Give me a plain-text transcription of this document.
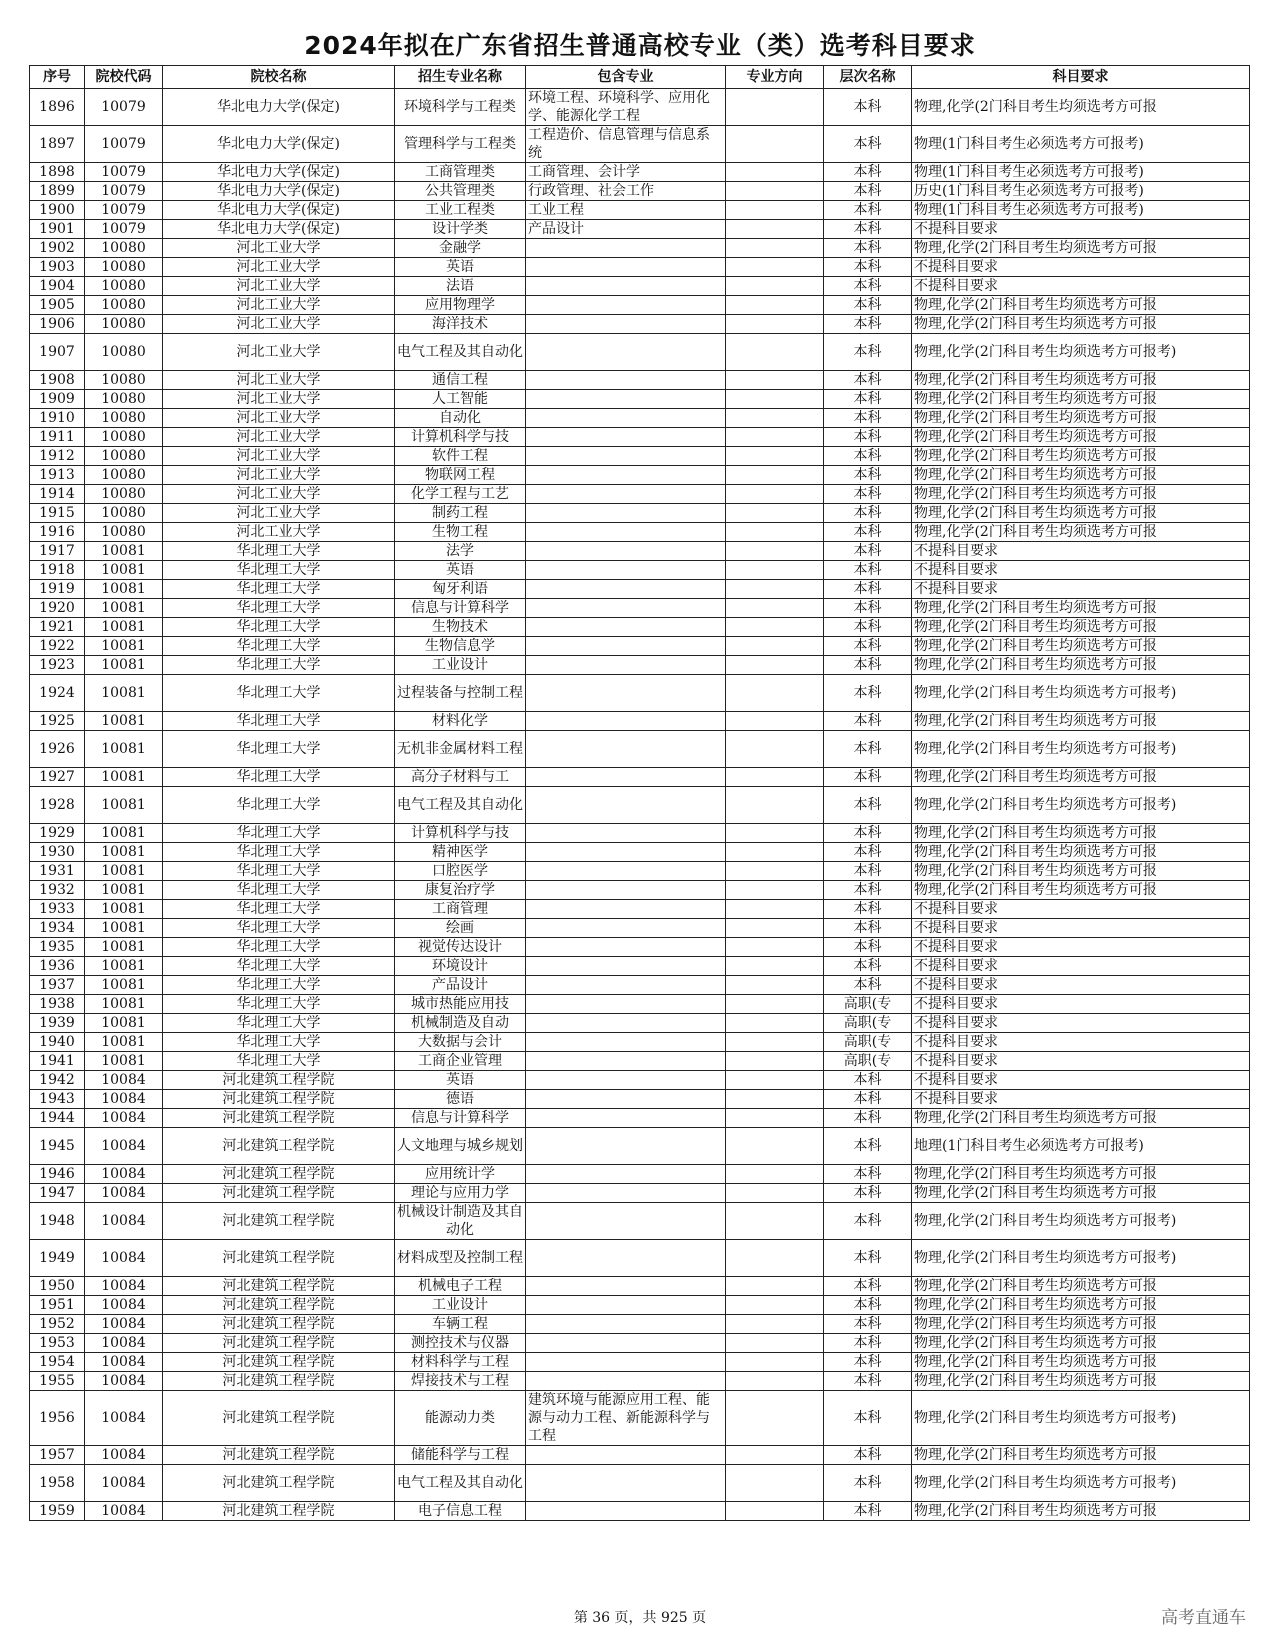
2024年拟在广东省招生普通高校专业（类）选考科目要求
序号	院校代码	院校名称	招生专业名称	包含专业	专业方向	层次名称	科目要求
1896	10079	华北电力大学(保定)	环境科学与工程类	环境工程、环境科学、应用化学、能源化学工程		本科	物理,化学(2门科目考生均须选考方可报
1897	10079	华北电力大学(保定)	管理科学与工程类	工程造价、信息管理与信息系统		本科	物理(1门科目考生必须选考方可报考)
1898	10079	华北电力大学(保定)	工商管理类	工商管理、会计学		本科	物理(1门科目考生必须选考方可报考)
1899	10079	华北电力大学(保定)	公共管理类	行政管理、社会工作		本科	历史(1门科目考生必须选考方可报考)
1900	10079	华北电力大学(保定)	工业工程类	工业工程		本科	物理(1门科目考生必须选考方可报考)
1901	10079	华北电力大学(保定)	设计学类	产品设计		本科	不提科目要求
1902	10080	河北工业大学	金融学			本科	物理,化学(2门科目考生均须选考方可报
1903	10080	河北工业大学	英语			本科	不提科目要求
1904	10080	河北工业大学	法语			本科	不提科目要求
1905	10080	河北工业大学	应用物理学			本科	物理,化学(2门科目考生均须选考方可报
1906	10080	河北工业大学	海洋技术			本科	物理,化学(2门科目考生均须选考方可报
1907	10080	河北工业大学	电气工程及其自动化			本科	物理,化学(2门科目考生均须选考方可报考)
1908	10080	河北工业大学	通信工程			本科	物理,化学(2门科目考生均须选考方可报
1909	10080	河北工业大学	人工智能			本科	物理,化学(2门科目考生均须选考方可报
1910	10080	河北工业大学	自动化			本科	物理,化学(2门科目考生均须选考方可报
1911	10080	河北工业大学	计算机科学与技			本科	物理,化学(2门科目考生均须选考方可报
1912	10080	河北工业大学	软件工程			本科	物理,化学(2门科目考生均须选考方可报
1913	10080	河北工业大学	物联网工程			本科	物理,化学(2门科目考生均须选考方可报
1914	10080	河北工业大学	化学工程与工艺			本科	物理,化学(2门科目考生均须选考方可报
1915	10080	河北工业大学	制药工程			本科	物理,化学(2门科目考生均须选考方可报
1916	10080	河北工业大学	生物工程			本科	物理,化学(2门科目考生均须选考方可报
1917	10081	华北理工大学	法学			本科	不提科目要求
1918	10081	华北理工大学	英语			本科	不提科目要求
1919	10081	华北理工大学	匈牙利语			本科	不提科目要求
1920	10081	华北理工大学	信息与计算科学			本科	物理,化学(2门科目考生均须选考方可报
1921	10081	华北理工大学	生物技术			本科	物理,化学(2门科目考生均须选考方可报
1922	10081	华北理工大学	生物信息学			本科	物理,化学(2门科目考生均须选考方可报
1923	10081	华北理工大学	工业设计			本科	物理,化学(2门科目考生均须选考方可报
1924	10081	华北理工大学	过程装备与控制工程			本科	物理,化学(2门科目考生均须选考方可报考)
1925	10081	华北理工大学	材料化学			本科	物理,化学(2门科目考生均须选考方可报
1926	10081	华北理工大学	无机非金属材料工程			本科	物理,化学(2门科目考生均须选考方可报考)
1927	10081	华北理工大学	高分子材料与工			本科	物理,化学(2门科目考生均须选考方可报
1928	10081	华北理工大学	电气工程及其自动化			本科	物理,化学(2门科目考生均须选考方可报考)
1929	10081	华北理工大学	计算机科学与技			本科	物理,化学(2门科目考生均须选考方可报
1930	10081	华北理工大学	精神医学			本科	物理,化学(2门科目考生均须选考方可报
1931	10081	华北理工大学	口腔医学			本科	物理,化学(2门科目考生均须选考方可报
1932	10081	华北理工大学	康复治疗学			本科	物理,化学(2门科目考生均须选考方可报
1933	10081	华北理工大学	工商管理			本科	不提科目要求
1934	10081	华北理工大学	绘画			本科	不提科目要求
1935	10081	华北理工大学	视觉传达设计			本科	不提科目要求
1936	10081	华北理工大学	环境设计			本科	不提科目要求
1937	10081	华北理工大学	产品设计			本科	不提科目要求
1938	10081	华北理工大学	城市热能应用技			高职(专	不提科目要求
1939	10081	华北理工大学	机械制造及自动			高职(专	不提科目要求
1940	10081	华北理工大学	大数据与会计			高职(专	不提科目要求
1941	10081	华北理工大学	工商企业管理			高职(专	不提科目要求
1942	10084	河北建筑工程学院	英语			本科	不提科目要求
1943	10084	河北建筑工程学院	德语			本科	不提科目要求
1944	10084	河北建筑工程学院	信息与计算科学			本科	物理,化学(2门科目考生均须选考方可报
1945	10084	河北建筑工程学院	人文地理与城乡规划			本科	地理(1门科目考生必须选考方可报考)
1946	10084	河北建筑工程学院	应用统计学			本科	物理,化学(2门科目考生均须选考方可报
1947	10084	河北建筑工程学院	理论与应用力学			本科	物理,化学(2门科目考生均须选考方可报
1948	10084	河北建筑工程学院	机械设计制造及其自动化			本科	物理,化学(2门科目考生均须选考方可报考)
1949	10084	河北建筑工程学院	材料成型及控制工程			本科	物理,化学(2门科目考生均须选考方可报考)
1950	10084	河北建筑工程学院	机械电子工程			本科	物理,化学(2门科目考生均须选考方可报
1951	10084	河北建筑工程学院	工业设计			本科	物理,化学(2门科目考生均须选考方可报
1952	10084	河北建筑工程学院	车辆工程			本科	物理,化学(2门科目考生均须选考方可报
1953	10084	河北建筑工程学院	测控技术与仪器			本科	物理,化学(2门科目考生均须选考方可报
1954	10084	河北建筑工程学院	材料科学与工程			本科	物理,化学(2门科目考生均须选考方可报
1955	10084	河北建筑工程学院	焊接技术与工程			本科	物理,化学(2门科目考生均须选考方可报
1956	10084	河北建筑工程学院	能源动力类	建筑环境与能源应用工程、能源与动力工程、新能源科学与工程		本科	物理,化学(2门科目考生均须选考方可报考)
1957	10084	河北建筑工程学院	储能科学与工程			本科	物理,化学(2门科目考生均须选考方可报
1958	10084	河北建筑工程学院	电气工程及其自动化			本科	物理,化学(2门科目考生均须选考方可报考)
1959	10084	河北建筑工程学院	电子信息工程			本科	物理,化学(2门科目考生均须选考方可报
第 36 页，共 925 页	高考直通车
